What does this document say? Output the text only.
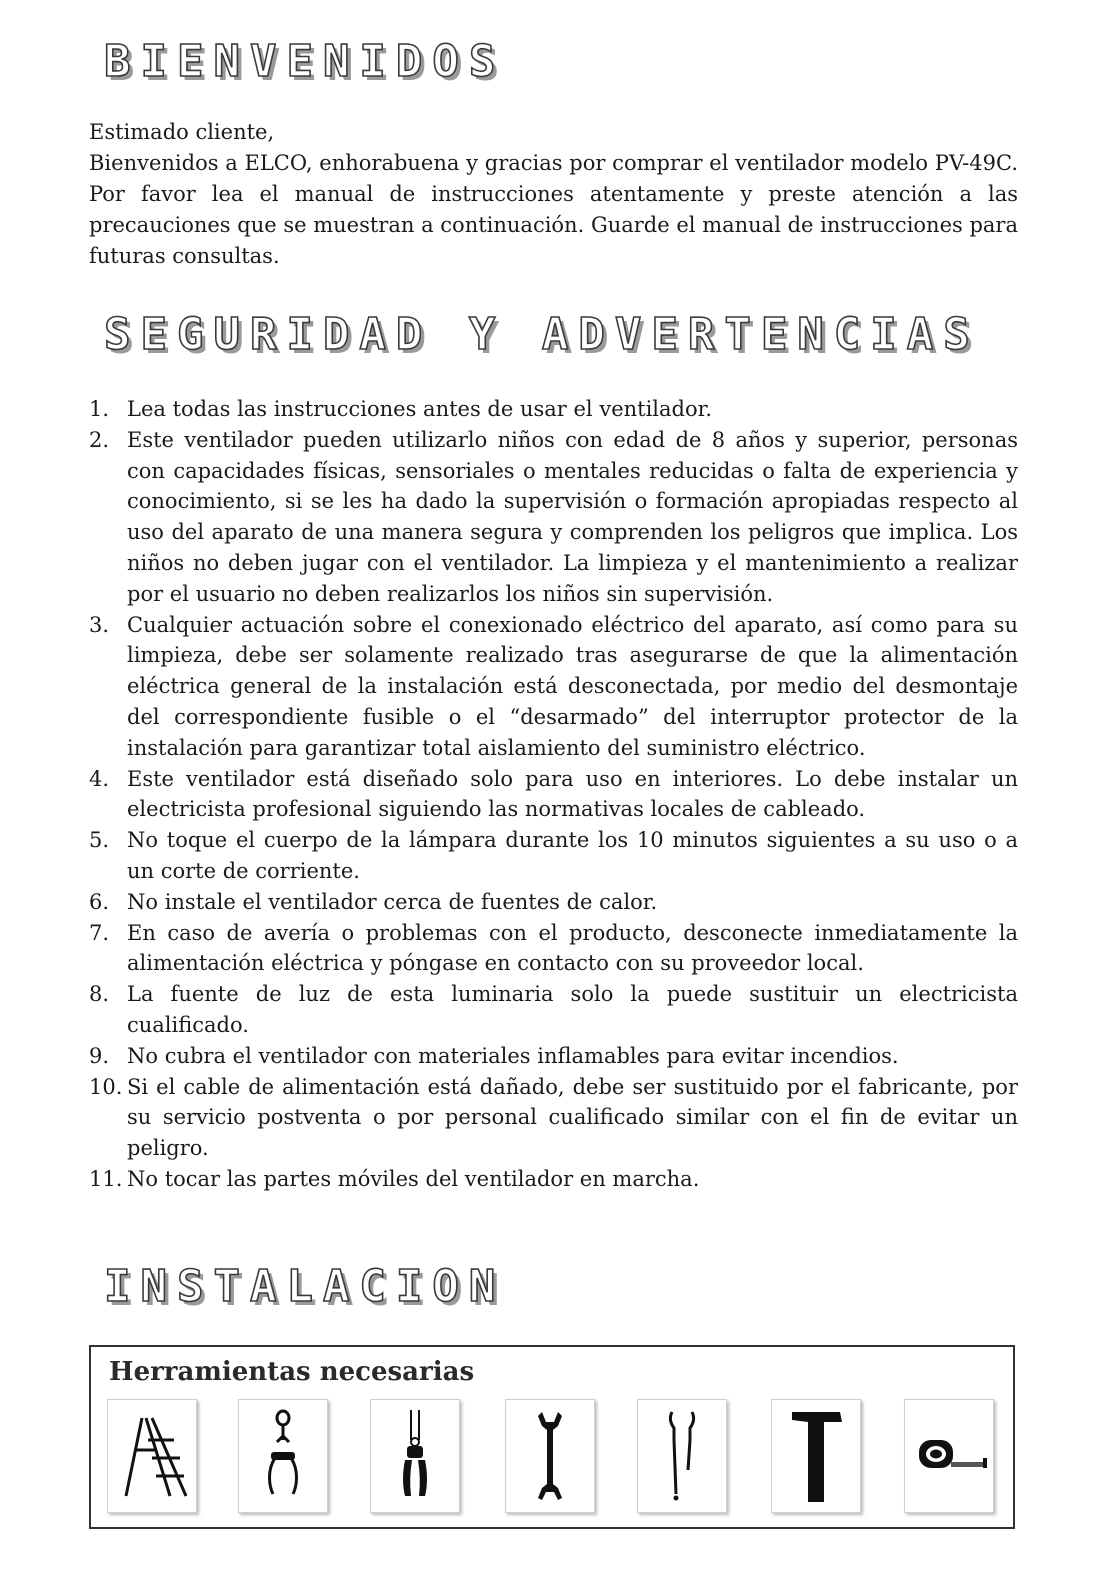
BIENVENIDOS

Estimado cliente,

Bienvenidos a ELCO, enhorabuena y gracias por comprar el ventilador modelo PV-49C. Por favor lea el manual de instrucciones atentamente y preste atención a las precauciones que se muestran a continuación. Guarde el manual de instrucciones para futuras consultas.

SEGURIDAD Y ADVERTENCIAS
1. Lea todas las instrucciones antes de usar el ventilador.
2. Este ventilador pueden utilizarlo niños con edad de 8 años y superior, personas con capacidades físicas, sensoriales o mentales reducidas o falta de experiencia y conocimiento, si se les ha dado la supervisión o formación apropiadas respecto al uso del aparato de una manera segura y comprenden los peligros que implica. Los niños no deben jugar con el ventilador. La limpieza y el mantenimiento a realizar por el usuario no deben realizarlos los niños sin supervisión.
3. Cualquier actuación sobre el conexionado eléctrico del aparato, así como para su limpieza, debe ser solamente realizado tras asegurarse de que la alimentación eléctrica general de la instalación está desconectada, por medio del desmontaje del correspondiente fusible o el “desarmado” del interruptor protector de la instalación para garantizar total aislamiento del suministro eléctrico.
4. Este ventilador está diseñado solo para uso en interiores. Lo debe instalar un electricista profesional siguiendo las normativas locales de cableado.
5. No toque el cuerpo de la lámpara durante los 10 minutos siguientes a su uso o a un corte de corriente.
6. No instale el ventilador cerca de fuentes de calor.
7. En caso de avería o problemas con el producto, desconecte inmediatamente la alimentación eléctrica y póngase en contacto con su proveedor local.
8. La fuente de luz de esta luminaria solo la puede sustituir un electricista cualificado.
9. No cubra el ventilador con materiales inflamables para evitar incendios.
10. Si el cable de alimentación está dañado, debe ser sustituido por el fabricante, por su servicio postventa o por personal cualificado similar con el fin de evitar un peligro.
11. No tocar las partes móviles del ventilador en marcha.
INSTALACION
Herramientas necesarias
